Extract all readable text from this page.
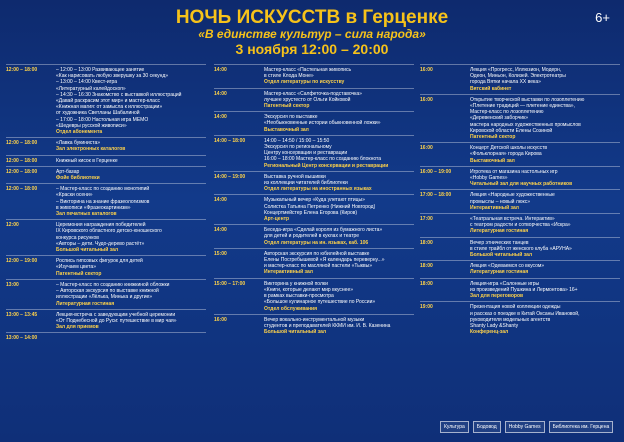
НОЧЬ ИСКУССТВ в Герценке
«В единстве культур – сила народа»
3 ноября 12:00 – 20:00
6+
12:00 – 18:00	– 12:00 – 13:00 Развивающее занятие
«Как нарисовать любую зверушку за 30 секунд»
– 13:00 – 14:00 Квест-игра
«Литературный калейдоскоп»
– 14:30 – 16:30 Знакомство с выставкой иллюстраций
«Давай раскрасим этот мир» и мастер-класс
«Книжная магия: от замысла к иллюстрации»
от художника Светланы Шабалиной
– 17:00 – 18:00 Настольная игра МЕМО
«Шедевры русской живописи»
Отдел абонемента
12:00 – 18:00	«Лавка букиниста»
Зал электронных каталогов
12:00 – 18:00	Книжный кисок в Герценке
12:00 – 18:00	Арт-базар
Фойе библиотеки
12:00 – 18:00	– Мастер-класс по созданию монотипий
«Краски осени»
– Викторина на знание фразеологизмов
в живописи «Фразеокартинизм»
Зал печатных каталогов
12:00	Церемония награждения победителей
IX Кировского областного детско-юношеского
конкурса рисунков
«Авторы – дети. Чудо-дерево растёт»
Большой читальный зал
12:00 – 19:00	Роспись гипсовых фигурок для детей
«Изучаем цвета»
Патентный сектор
13:00	– Мастер-класс по созданию книжкиной обложки
– Авторская экскурсия по выставке книжной
иллюстрации «Лёлька, Минька и другие»
Литературная гостиная
13:00 – 13:45	Лекция-встреча с заведующим учебной церемонии
«От Поднебесной до Руси: путешествие в мир чая»
Зал для приемов
13:00 – 14:00
14:00	Мастер-класс «Пастельная живопись
в стиле Клода Моне»
Отдел литературы по искусству
14:00	Мастер-класс «Салфеточка-подставочка»
лучшее хрустесто от Ольги Койковой
Патентный сектор
14:00	Экскурсия по выставке
«Необыкновенные истории обыкновенной ложки»
Выставочный зал
14:00 – 18:00	14:00 – 14:50 / 15:00 – 15:50
Экскурсия по региональному
Центру консервации и реставрации
16:00 – 18:00 Мастер-класс по созданию блокнота
Региональный Центр консервации и реставрации
14:00 – 19:00	Выставка ручной вышивки
из коллекции читателей библиотеки
Отдел литературы на иностранных языках
14:00	Музыкальный вечер «Куда улетают птицы»
Солистка Татьяна Петренко (Нижний Новгород)
Концертмейстер Елена Егорова (Киров)
Арт-центр
14:00	Беседа-игра «Сделай короля из бумажного листа»
для детей и родителей в куклах и театре
Отдел литературы на ин. языках, каб. 106
15:00	Авторская экскурсия по юбилейной выставке
Елены Посгребышевой «Я календарь переверну...»
и мастер-класс по масляной пастели «Тыквы»
Интерактивный зал
15:00 – 17:00	Викторина у книжной полки
«Книги, которые делают мир вкуснее»
в рамках выставки-просмотра
«Большое кулинарное путешествие по России»
Отдел обслуживания
16:00	Вечер вокально-инструментальной музыки
студентов и преподавателей ККМИ им. И. В. Казенина
Большой читальный зал
16:00	Лекция «Прогресс, Иллюзион, Модерн,
Одеон, Миньон, Колизей. Электротеатры
города Вятки начала ХХ века»
Вятский кабинет
16:00	Открытие творческой выставки по лозоплетению
«Плетение традиций — плетение единства»,
Мастер-класс по лозоплетению
«Деревенский заборчик»
мастера народных художественных промыслов
Кировской области Елены Созиной
Патентный сектор
16:00	Концерт Детской школы искусств
«Фольклорная» города Кирова
Выставочный зал
16:00 – 19:00	Игротека от магазина настольных игр
«Hobby Games»
Читальный зал для научных работников
17:00 – 18:00	Лекция «Народные художественные
промыслы – новый люкс»
Интерактивный зал
17:00	«Театральная встреча. Интерактив»
с театром радости и сотворчества «Искра»
Литературная гостиная
18:00	Вечер этнических танцев
в стиле трайбл от женского клуба «АРУНА»
Большой читальный зал
18:00	Лекция «Одеваемся со вкусом»
Литературная гостиная
18:00	Лекция-игра «Салонные игры
из произведений Пушкина и Лермонтова» 16+
Зал для переговоров
19:00	Презентация новой коллекции одежды
и рассказ о поездке в Китай Оксаны Ивановой,
руководителя модельных агентств
Shanty Lady &Shanty
Конференц-зал
Культура	Бодовод	Hobby Games	Библиотека им. Герцена
